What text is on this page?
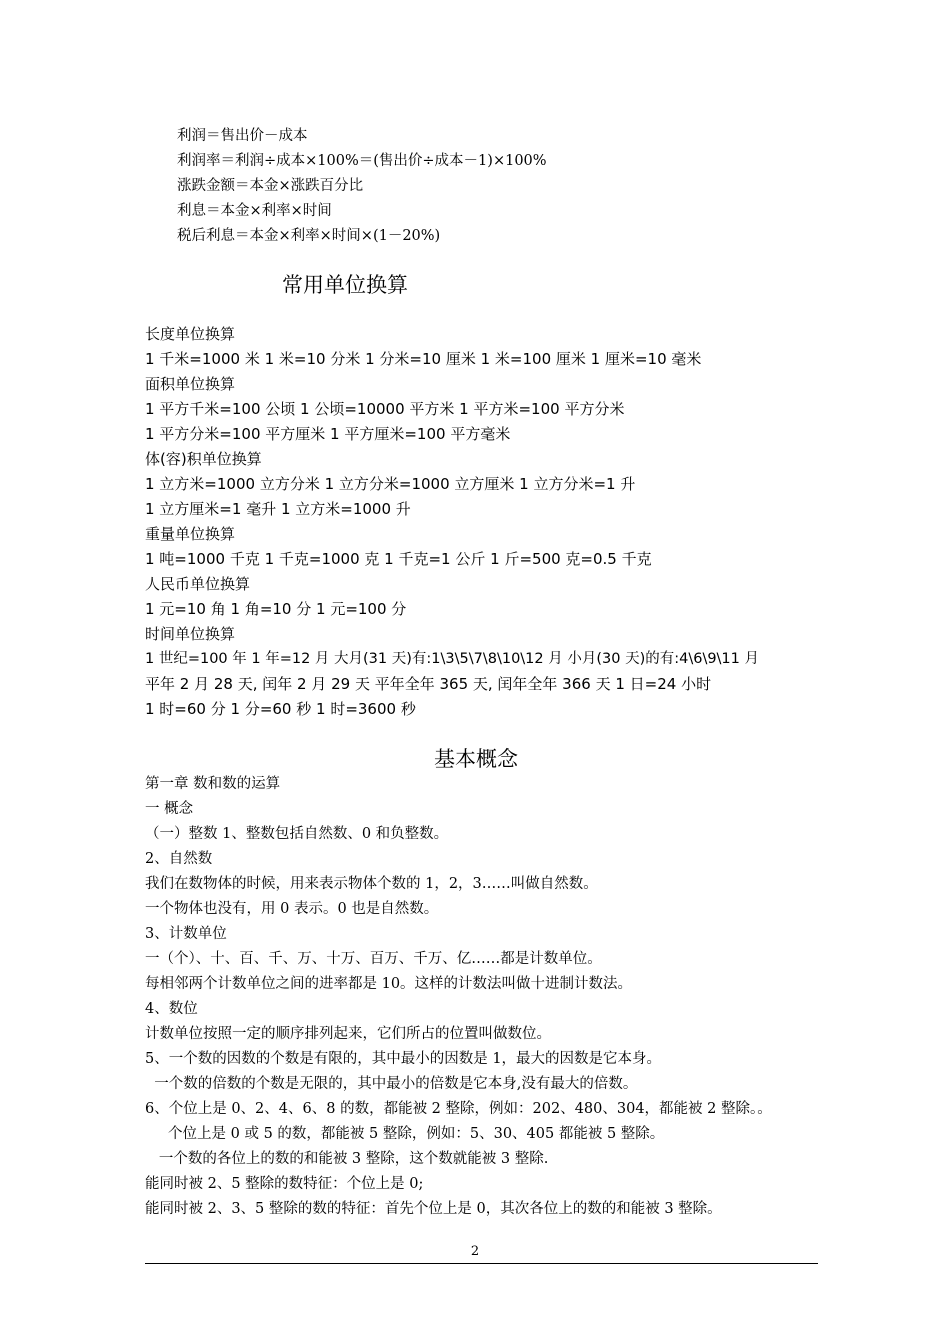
利润＝售出价－成本
利润率＝利润÷成本×100%＝(售出价÷成本－1)×100%
涨跌金额＝本金×涨跌百分比
利息＝本金×利率×时间
税后利息＝本金×利率×时间×(1－20%)
常用单位换算
长度单位换算
1 千米=1000 米 1 米=10 分米 1 分米=10 厘米 1 米=100 厘米 1 厘米=10 毫米
面积单位换算
1 平方千米=100 公顷 1 公顷=10000 平方米 1 平方米=100 平方分米
1 平方分米=100 平方厘米 1 平方厘米=100 平方毫米
体(容)积单位换算
1 立方米=1000 立方分米 1 立方分米=1000 立方厘米 1 立方分米=1 升
1 立方厘米=1 毫升 1 立方米=1000 升
重量单位换算
1 吨=1000 千克 1 千克=1000 克 1 千克=1 公斤 1 斤=500 克=0.5 千克
人民币单位换算
1 元=10 角 1 角=10 分 1 元=100 分
时间单位换算
1 世纪=100 年 1 年=12 月 大月(31 天)有:1\3\5\7\8\10\12 月 小月(30 天)的有:4\6\9\11 月
平年 2 月 28 天, 闰年 2 月 29 天 平年全年 365 天, 闰年全年 366 天 1 日=24 小时
1 时=60 分 1 分=60 秒 1 时=3600 秒
基本概念
第一章 数和数的运算
一 概念
（一）整数 1、整数包括自然数、0 和负整数。
2、自然数
我们在数物体的时候，用来表示物体个数的 1，2，3……叫做自然数。
一个物体也没有，用 0 表示。0 也是自然数。
3、计数单位
一（个）、十、百、千、万、十万、百万、千万、亿……都是计数单位。
每相邻两个计数单位之间的进率都是 10。这样的计数法叫做十进制计数法。
4、数位
计数单位按照一定的顺序排列起来，它们所占的位置叫做数位。
5、一个数的因数的个数是有限的，其中最小的因数是 1，最大的因数是它本身。
一个数的倍数的个数是无限的，其中最小的倍数是它本身,没有最大的倍数。
6、个位上是 0、2、4、6、8 的数，都能被 2 整除，例如：202、480、304，都能被 2 整除。。
个位上是 0 或 5 的数，都能被 5 整除，例如：5、30、405 都能被 5 整除。
一个数的各位上的数的和能被 3 整除，这个数就能被 3 整除.
能同时被 2、5 整除的数特征：个位上是 0;
能同时被 2、3、5 整除的数的特征：首先个位上是 0，其次各位上的数的和能被 3 整除。
2
